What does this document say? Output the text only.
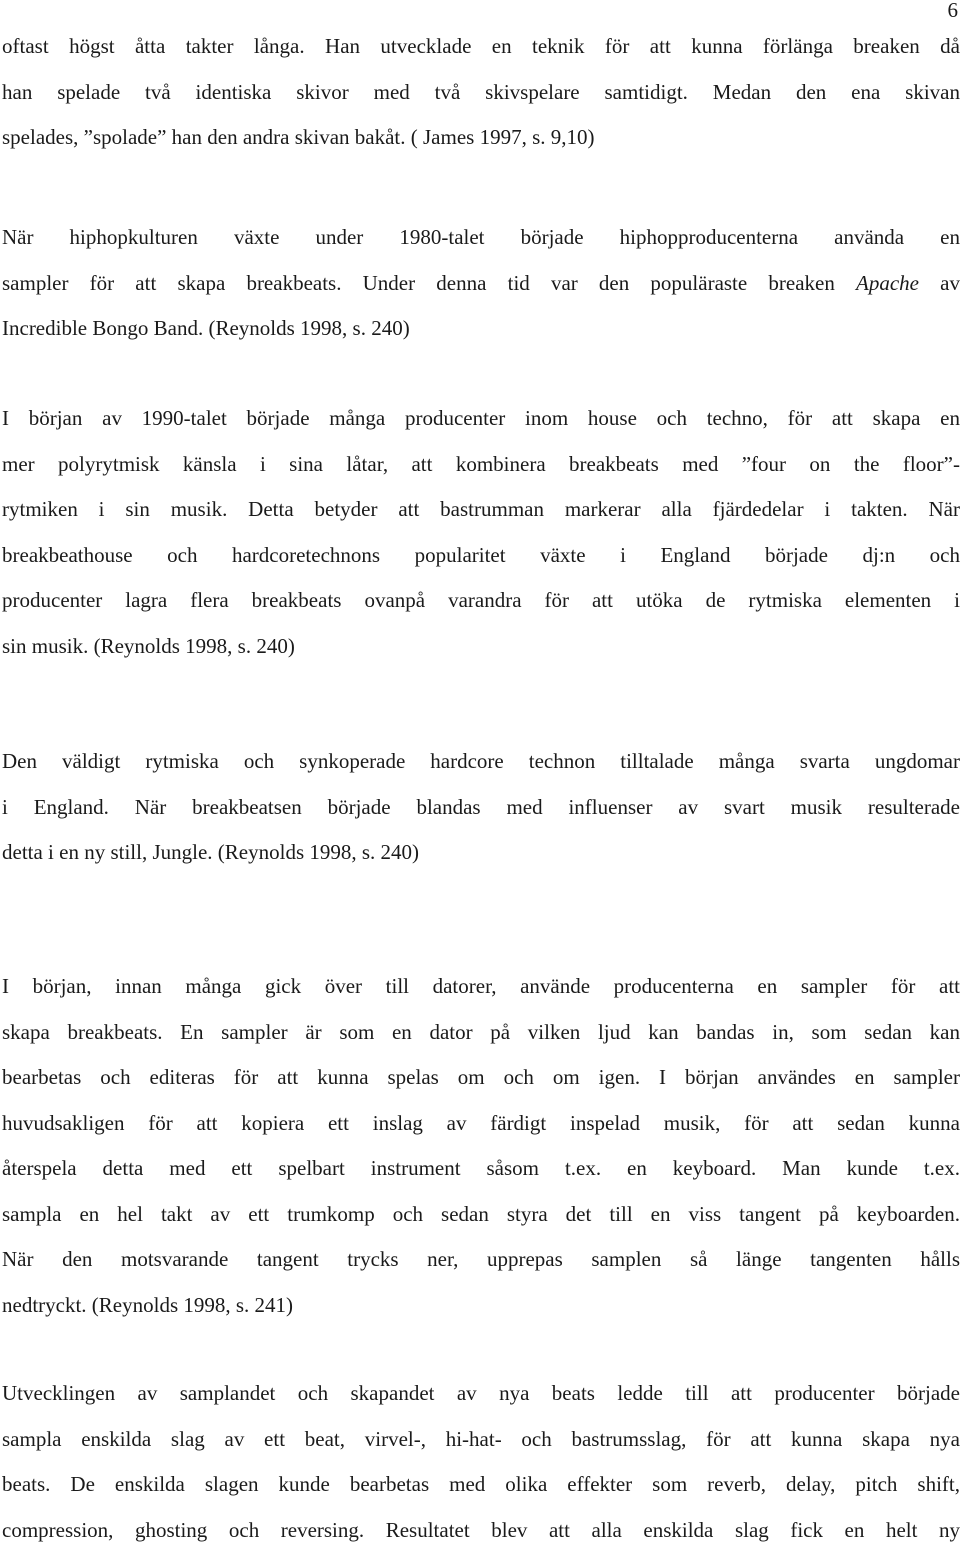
6
oftast högst åtta takter långa. Han utvecklade en teknik för att kunna förlänga breaken då
han spelade två identiska skivor med två skivspelare samtidigt. Medan den ena skivan
spelades, ”spolade” han den andra skivan bakåt. ( James 1997, s. 9,10)
När hiphopkulturen växte under 1980-talet började hiphopproducenterna använda en
sampler för att skapa breakbeats. Under denna tid var den populäraste breaken Apache av
Incredible Bongo Band. (Reynolds 1998, s. 240)
I början av 1990-talet började många producenter inom house och techno, för att skapa en
mer polyrytmisk känsla i sina låtar, att kombinera breakbeats med ”four on the floor”-
rytmiken i sin musik. Detta betyder att bastrumman markerar alla fjärdedelar i takten. När
breakbeathouse och hardcoretechnons popularitet växte i England började dj:n och
producenter lagra flera breakbeats ovanpå varandra för att utöka de rytmiska elementen i
sin musik. (Reynolds 1998, s. 240)
Den väldigt rytmiska och synkoperade hardcore technon tilltalade många svarta ungdomar
i England. När breakbeatsen började blandas med influenser av svart musik resulterade
detta i en ny still, Jungle. (Reynolds 1998, s. 240)
I början, innan många gick över till datorer, använde producenterna en sampler för att
skapa breakbeats. En sampler är som en dator på vilken ljud kan bandas in, som sedan kan
bearbetas och editeras för att kunna spelas om och om igen. I början användes en sampler
huvudsakligen för att kopiera ett inslag av färdigt inspelad musik, för att sedan kunna
återspela detta med ett spelbart instrument såsom t.ex. en keyboard. Man kunde t.ex.
sampla en hel takt av ett trumkomp och sedan styra det till en viss tangent på keyboarden.
När den motsvarande tangent trycks ner, upprepas samplen så länge tangenten hålls
nedtryckt. (Reynolds 1998, s. 241)
Utvecklingen av samplandet och skapandet av nya beats ledde till att producenter började
sampla enskilda slag av ett beat, virvel-, hi-hat- och bastrumsslag, för att kunna skapa nya
beats. De enskilda slagen kunde bearbetas med olika effekter som reverb, delay, pitch shift,
compression, ghosting och reversing. Resultatet blev att alla enskilda slag fick en helt ny
